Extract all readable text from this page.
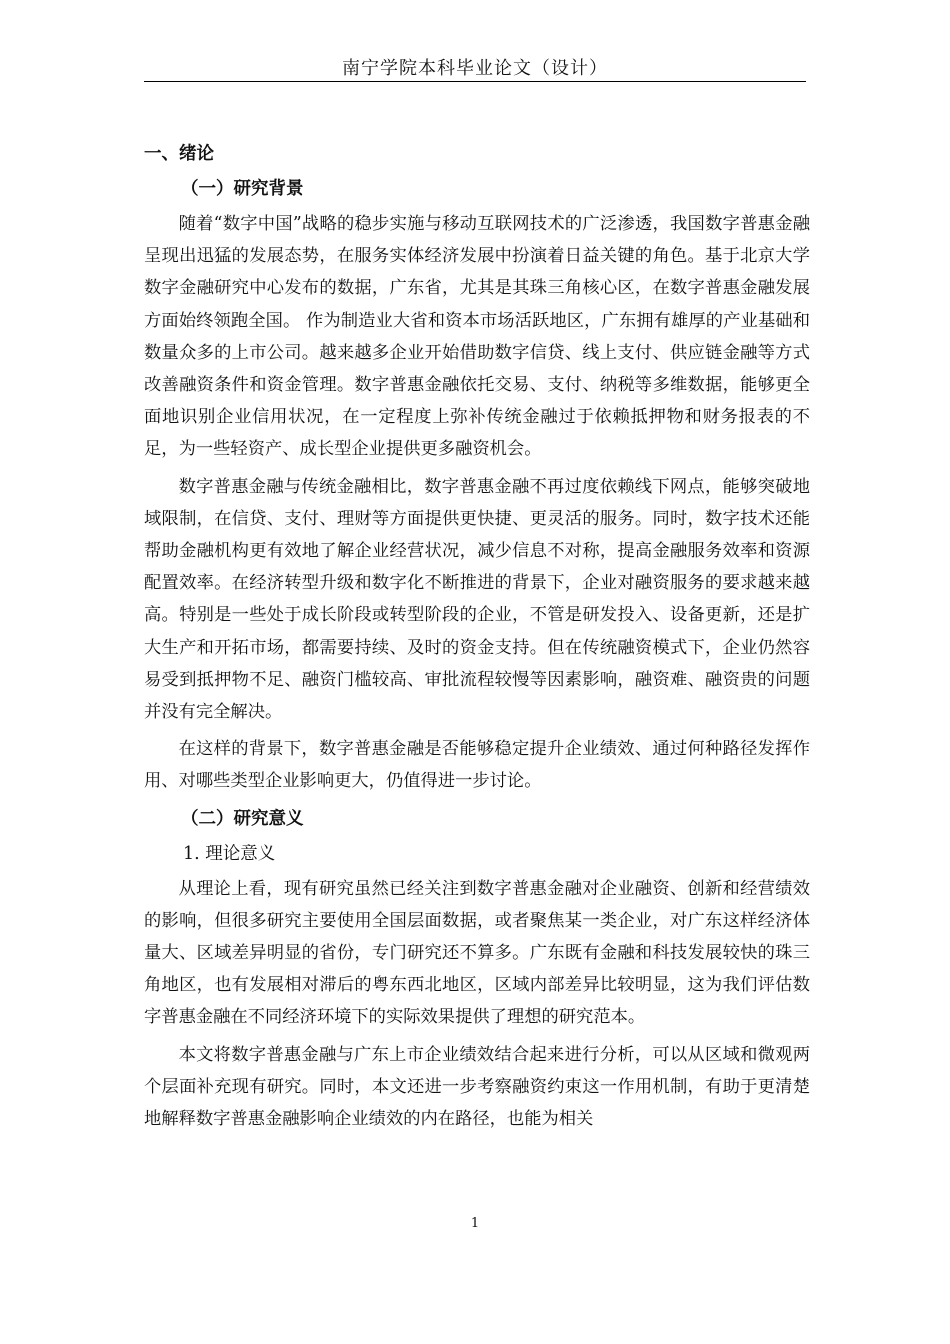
南宁学院本科毕业论文（设计）
一、绪论
（一）研究背景

随着“数字中国”战略的稳步实施与移动互联网技术的广泛渗透，我国数字普惠金融呈现出迅猛的发展态势，在服务实体经济发展中扮演着日益关键的角色。基于北京大学数字金融研究中心发布的数据，广东省，尤其是其珠三角核心区，在数字普惠金融发展方面始终领跑全国。 作为制造业大省和资本市场活跃地区，广东拥有雄厚的产业基础和数量众多的上市公司。越来越多企业开始借助数字信贷、线上支付、供应链金融等方式改善融资条件和资金管理。数字普惠金融依托交易、支付、纳税等多维数据，能够更全面地识别企业信用状况，在一定程度上弥补传统金融过于依赖抵押物和财务报表的不足，为一些轻资产、成长型企业提供更多融资机会。

数字普惠金融与传统金融相比，数字普惠金融不再过度依赖线下网点，能够突破地域限制，在信贷、支付、理财等方面提供更快捷、更灵活的服务。同时，数字技术还能帮助金融机构更有效地了解企业经营状况，减少信息不对称，提高金融服务效率和资源配置效率。在经济转型升级和数字化不断推进的背景下，企业对融资服务的要求越来越高。特别是一些处于成长阶段或转型阶段的企业，不管是研发投入、设备更新，还是扩大生产和开拓市场，都需要持续、及时的资金支持。但在传统融资模式下，企业仍然容易受到抵押物不足、融资门槛较高、审批流程较慢等因素影响，融资难、融资贵的问题并没有完全解决。

在这样的背景下，数字普惠金融是否能够稳定提升企业绩效、通过何种路径发挥作用、对哪些类型企业影响更大，仍值得进一步讨论。

（二）研究意义
1. 理论意义

从理论上看，现有研究虽然已经关注到数字普惠金融对企业融资、创新和经营绩效的影响，但很多研究主要使用全国层面数据，或者聚焦某一类企业，对广东这样经济体量大、区域差异明显的省份，专门研究还不算多。广东既有金融和科技发展较快的珠三角地区，也有发展相对滞后的粤东西北地区，区域内部差异比较明显，这为我们评估数字普惠金融在不同经济环境下的实际效果提供了理想的研究范本。

本文将数字普惠金融与广东上市企业绩效结合起来进行分析，可以从区域和微观两个层面补充现有研究。同时，本文还进一步考察融资约束这一作用机制，有助于更清楚地解释数字普惠金融影响企业绩效的内在路径，也能为相关

1
